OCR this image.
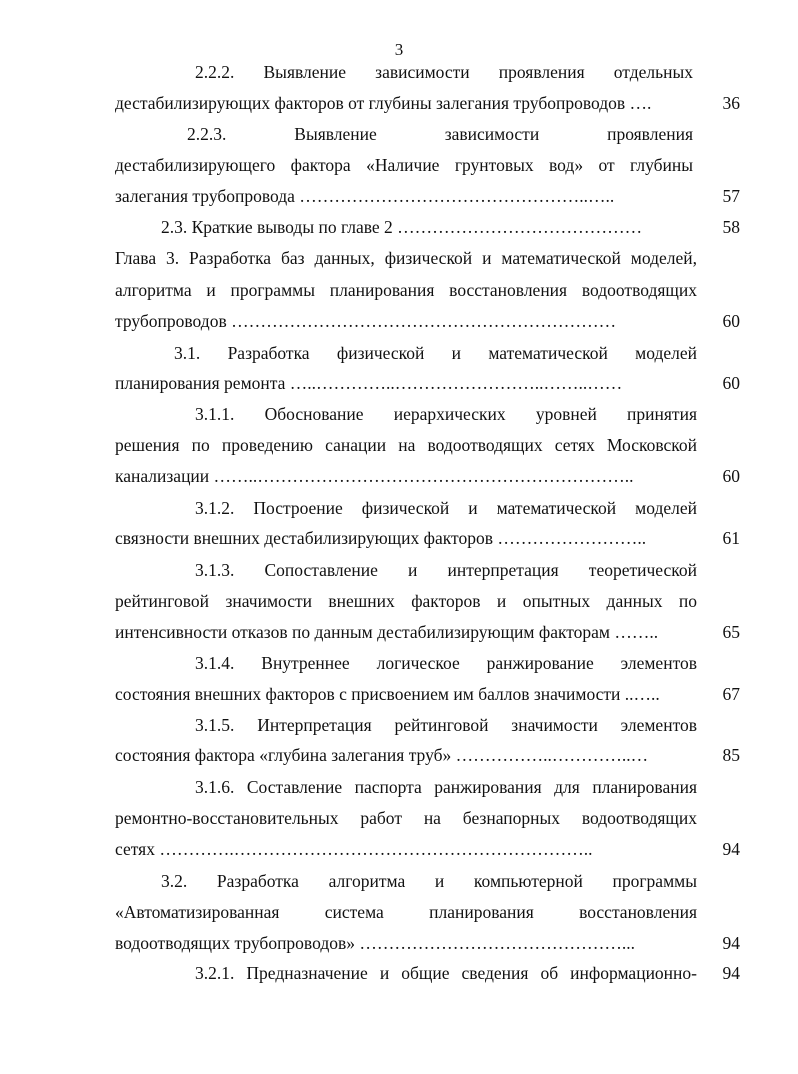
3
2.2.2. Выявление зависимости проявления отдельных
дестабилизирующих факторов от глубины залегания трубопроводов ….	36
2.2.3. Выявление зависимости проявления
дестабилизирующего фактора «Наличие грунтовых вод» от глубины
залегания трубопровода …………………………………………..…..	57
2.3. Краткие выводы по главе 2 ……………………………………	58
Глава 3. Разработка баз данных, физической и математической моделей,
алгоритма и программы планирования восстановления водоотводящих
трубопроводов …………………………………………………………	60
3.1. Разработка физической и математической моделей
планирования ремонта …..…………..……………………..……..……	60
3.1.1. Обоснование иерархических уровней принятия
решения по проведению санации на водоотводящих сетях Московской
канализации ……..………………………………………………………..	60
3.1.2. Построение физической и математической моделей
связности внешних дестабилизирующих факторов ……………………..	61
3.1.3. Сопоставление и интерпретация теоретической
рейтинговой значимости внешних факторов и опытных данных по
интенсивности отказов по данным дестабилизирующим факторам ……..	65
3.1.4. Внутреннее логическое ранжирование элементов
состояния внешних факторов с присвоением им баллов значимости ..…..	67
3.1.5. Интерпретация рейтинговой значимости элементов
состояния фактора «глубина залегания труб» ……………..…………..…	85
3.1.6. Составление паспорта ранжирования для планирования
ремонтно-восстановительных работ на безнапорных водоотводящих
сетях ………….……………………………………………………..	94
3.2. Разработка алгоритма и компьютерной программы
«Автоматизированная система планирования восстановления
водоотводящих трубопроводов» ………………………………………...	94
3.2.1. Предназначение и общие сведения об информационно- 94
